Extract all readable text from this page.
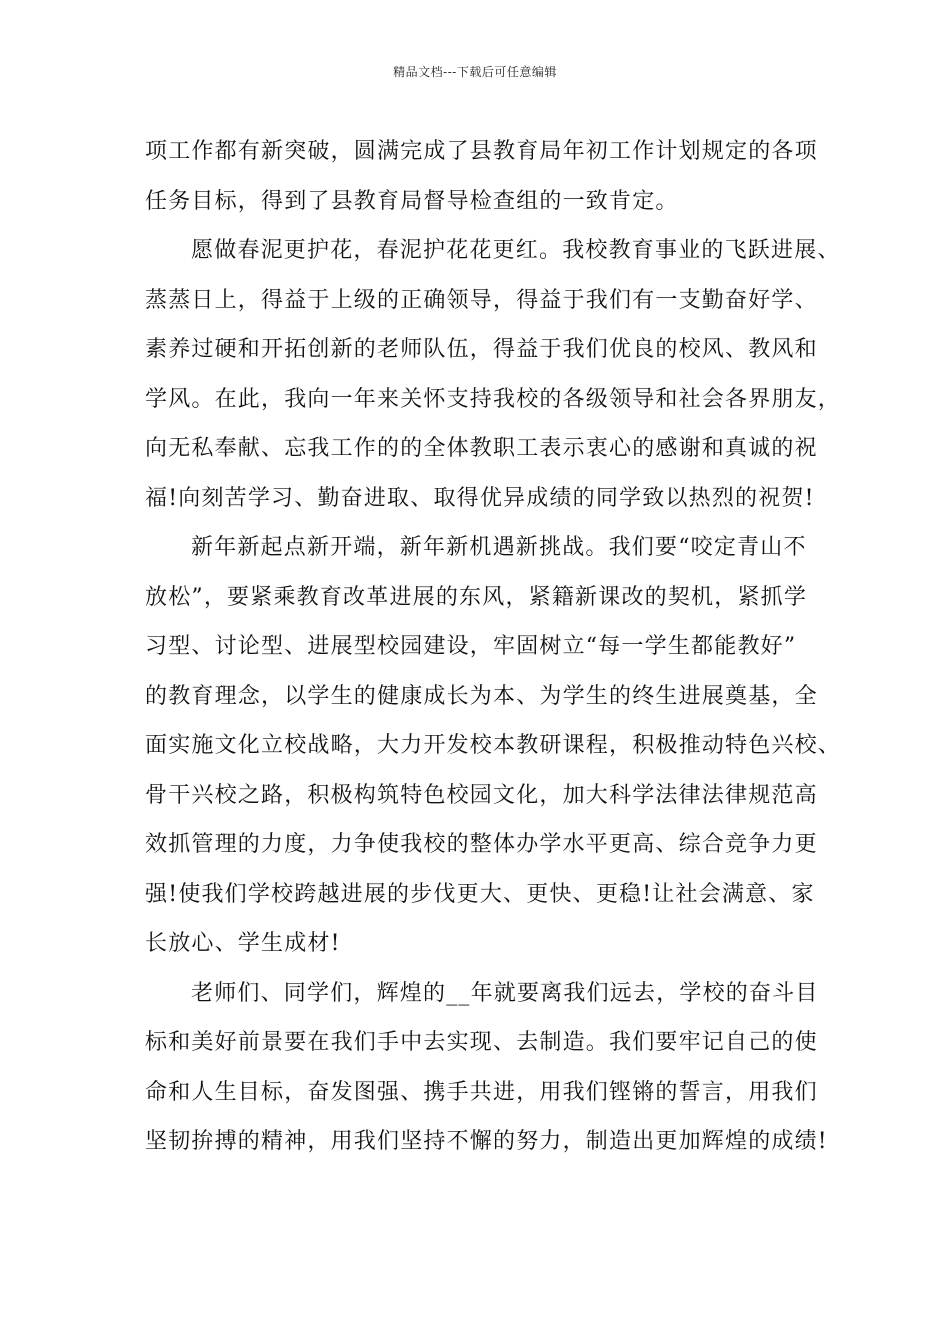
精品文档---下载后可任意编辑
项工作都有新突破，圆满完成了县教育局年初工作计划规定的各项
任务目标，得到了县教育局督导检查组的一致肯定。
愿做春泥更护花，春泥护花花更红。我校教育事业的飞跃进展、
蒸蒸日上，得益于上级的正确领导，得益于我们有一支勤奋好学、
素养过硬和开拓创新的老师队伍，得益于我们优良的校风、教风和
学风。在此，我向一年来关怀支持我校的各级领导和社会各界朋友，
向无私奉献、忘我工作的的全体教职工表示衷心的感谢和真诚的祝
福!向刻苦学习、勤奋进取、取得优异成绩的同学致以热烈的祝贺!
新年新起点新开端，新年新机遇新挑战。我们要“咬定青山不
放松”，要紧乘教育改革进展的东风，紧籍新课改的契机，紧抓学
习型、讨论型、进展型校园建设，牢固树立“每一学生都能教好”
的教育理念，以学生的健康成长为本、为学生的终生进展奠基，全
面实施文化立校战略，大力开发校本教研课程，积极推动特色兴校、
骨干兴校之路，积极构筑特色校园文化，加大科学法律法律规范高
效抓管理的力度，力争使我校的整体办学水平更高、综合竞争力更
强!使我们学校跨越进展的步伐更大、更快、更稳!让社会满意、家
长放心、学生成材!
老师们、同学们，辉煌的__年就要离我们远去，学校的奋斗目
标和美好前景要在我们手中去实现、去制造。我们要牢记自己的使
命和人生目标，奋发图强、携手共进，用我们铿锵的誓言，用我们
坚韧拚搏的精神，用我们坚持不懈的努力，制造出更加辉煌的成绩!
